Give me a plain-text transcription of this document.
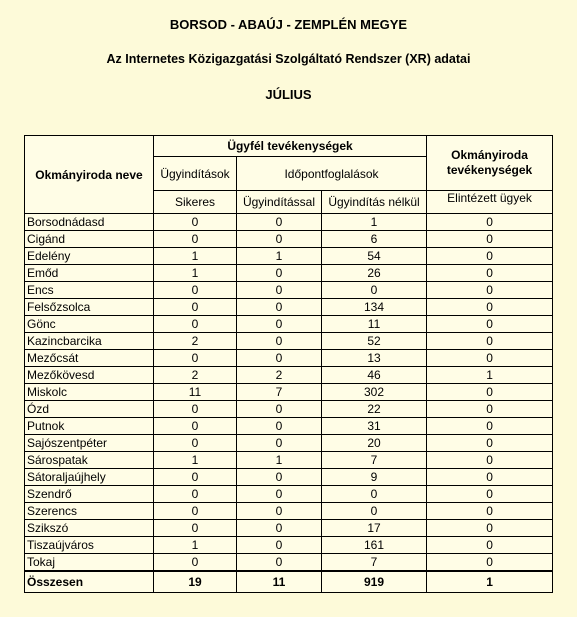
BORSOD - ABAÚJ - ZEMPLÉN MEGYE
Az Internetes Közigazgatási Szolgáltató Rendszer (XR) adatai
JÚLIUS
Okmányiroda neve	Ügyfél tevékenységek			Okmányiroda tevékenységek
	Ügyindítások	Időpontfoglalások		
	Sikeres	Ügyindítással	Ügyindítás nélkül	Elintézett ügyek
Borsodnádasd	0	0	1	0
Cigánd	0	0	6	0
Edelény	1	1	54	0
Emőd	1	0	26	0
Encs	0	0	0	0
Felsőzsolca	0	0	134	0
Gönc	0	0	11	0
Kazincbarcika	2	0	52	0
Mezőcsát	0	0	13	0
Mezőkövesd	2	2	46	1
Miskolc	11	7	302	0
Ózd	0	0	22	0
Putnok	0	0	31	0
Sajószentpéter	0	0	20	0
Sárospatak	1	1	7	0
Sátoraljaújhely	0	0	9	0
Szendrő	0	0	0	0
Szerencs	0	0	0	0
Szikszó	0	0	17	0
Tiszaújváros	1	0	161	0
Tokaj	0	0	7	0
Összesen	19	11	919	1
